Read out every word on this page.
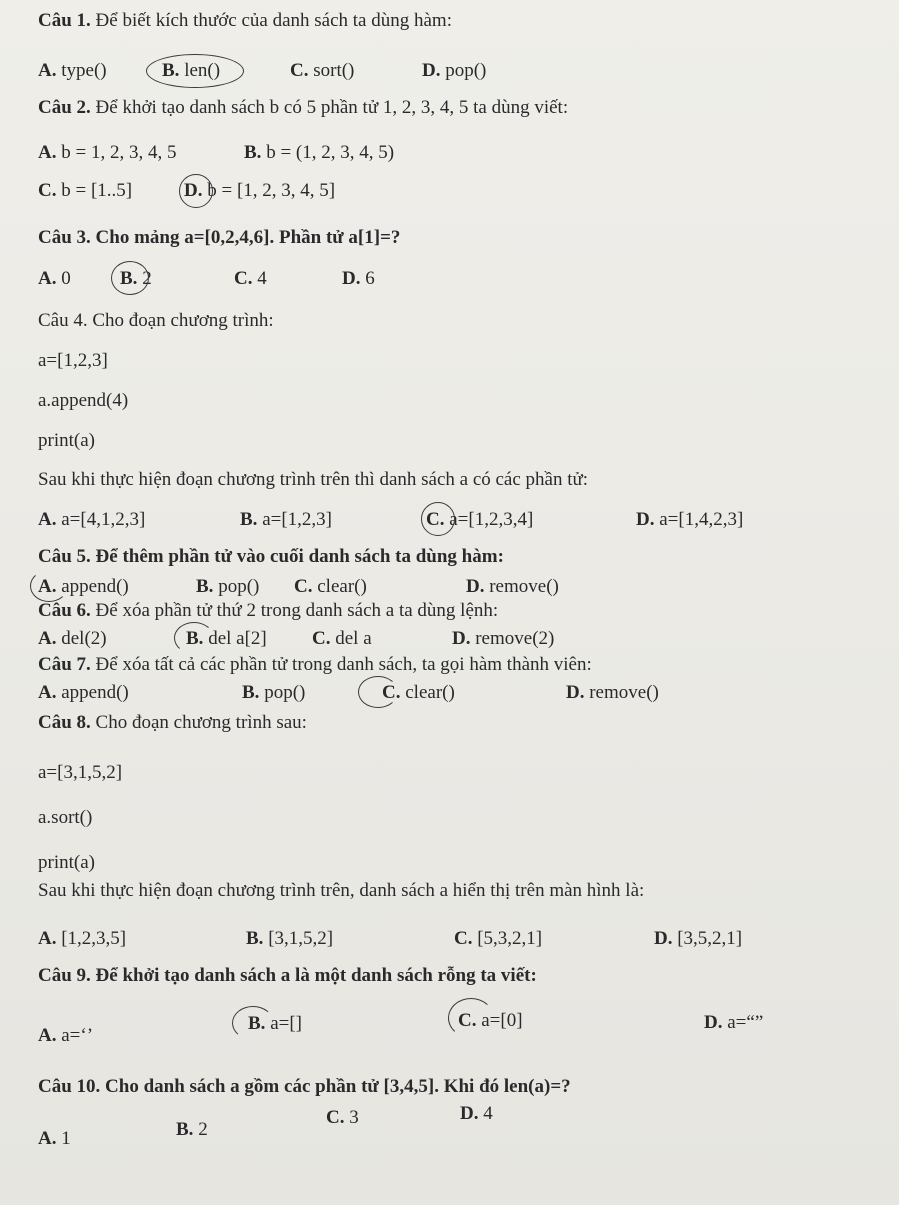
Câu 1. Để biết kích thước của danh sách ta dùng hàm:
A. type()	B. len()	C. sort()	D. pop()
Câu 2. Để khởi tạo danh sách b có 5 phần tử 1, 2, 3, 4, 5 ta dùng viết:
A. b = 1, 2, 3, 4, 5	B. b = (1, 2, 3, 4, 5)
C. b = [1..5]	D. b = [1, 2, 3, 4, 5]
Câu 3. Cho mảng a=[0,2,4,6]. Phần tử a[1]=?
A. 0	B. 2	C. 4	D. 6
Câu 4. Cho đoạn chương trình:
a=[1,2,3]
a.append(4)
print(a)
Sau khi thực hiện đoạn chương trình trên thì danh sách a có các phần tử:
A. a=[4,1,2,3]	B. a=[1,2,3]	C. a=[1,2,3,4]	D. a=[1,4,2,3]
Câu 5. Để thêm phần tử vào cuối danh sách ta dùng hàm:
A. append()	B. pop() C. clear()	D. remove()
Câu 6. Để xóa phần tử thứ 2 trong danh sách a ta dùng lệnh:
A. del(2)	B. del a[2] C. del a	D. remove(2)
Câu 7. Để xóa tất cả các phần tử trong danh sách, ta gọi hàm thành viên:
A. append()	B. pop()	C. clear()	D. remove()
Câu 8. Cho đoạn chương trình sau:
a=[3,1,5,2]
a.sort()
print(a)
Sau khi thực hiện đoạn chương trình trên, danh sách a hiển thị trên màn hình là:
A. [1,2,3,5]	B. [3,1,5,2]	C. [5,3,2,1]	D. [3,5,2,1]
Câu 9. Để khởi tạo danh sách a là một danh sách rỗng ta viết:
A. a=‘’
B. a=[]	C. a=[0]	D. a=“”
Câu 10. Cho danh sách a gồm các phần tử [3,4,5]. Khi đó len(a)=?
A. 1	B. 2
C. 3	D. 4
